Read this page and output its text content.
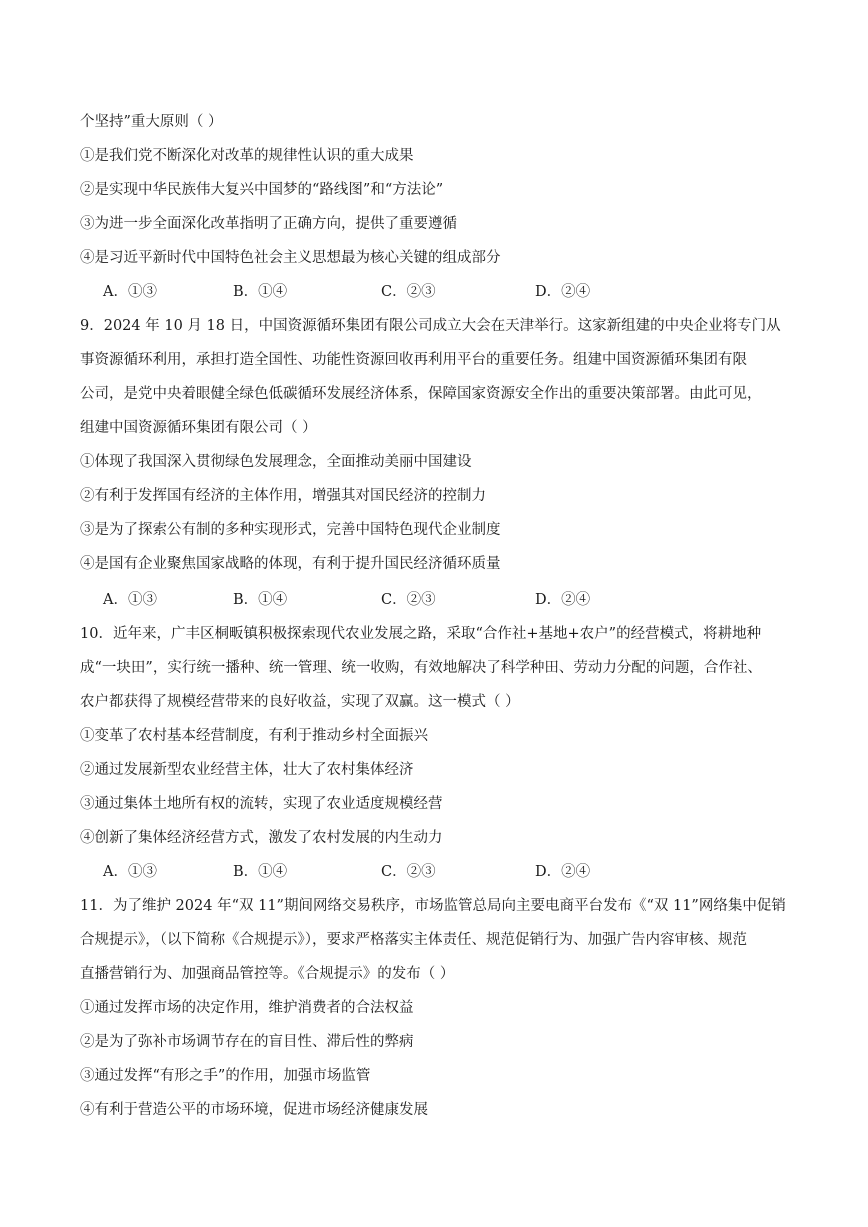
个坚持”重大原则（ ）
①是我们党不断深化对改革的规律性认识的重大成果
②是实现中华民族伟大复兴中国梦的“路线图”和“方法论”
③为进一步全面深化改革指明了正确方向，提供了重要遵循
④是习近平新时代中国特色社会主义思想最为核心关键的组成部分
A．①③	B．①④	C．②③	D．②④
9．2024 年 10 月 18 日，中国资源循环集团有限公司成立大会在天津举行。这家新组建的中央企业将专门从
事资源循环利用，承担打造全国性、功能性资源回收再利用平台的重要任务。组建中国资源循环集团有限
公司，是党中央着眼健全绿色低碳循环发展经济体系，保障国家资源安全作出的重要决策部署。由此可见，
组建中国资源循环集团有限公司（ ）
①体现了我国深入贯彻绿色发展理念，全面推动美丽中国建设
②有利于发挥国有经济的主体作用，增强其对国民经济的控制力
③是为了探索公有制的多种实现形式，完善中国特色现代企业制度
④是国有企业聚焦国家战略的体现，有利于提升国民经济循环质量
A．①③	B．①④	C．②③	D．②④
10．近年来，广丰区桐畈镇积极探索现代农业发展之路，采取“合作社+基地+农户”的经营模式，将耕地种
成“一块田”，实行统一播种、统一管理、统一收购，有效地解决了科学种田、劳动力分配的问题，合作社、
农户都获得了规模经营带来的良好收益，实现了双赢。这一模式（ ）
①变革了农村基本经营制度，有利于推动乡村全面振兴
②通过发展新型农业经营主体，壮大了农村集体经济
③通过集体土地所有权的流转，实现了农业适度规模经营
④创新了集体经济经营方式，激发了农村发展的内生动力
A．①③	B．①④	C．②③	D．②④
11．为了维护 2024 年“双 11”期间网络交易秩序，市场监管总局向主要电商平台发布《“双 11”网络集中促销
合规提示》，（以下简称《合规提示》），要求严格落实主体责任、规范促销行为、加强广告内容审核、规范
直播营销行为、加强商品管控等。《合规提示》的发布（ ）
①通过发挥市场的决定作用，维护消费者的合法权益
②是为了弥补市场调节存在的盲目性、滞后性的弊病
③通过发挥“有形之手”的作用，加强市场监管
④有利于营造公平的市场环境，促进市场经济健康发展
